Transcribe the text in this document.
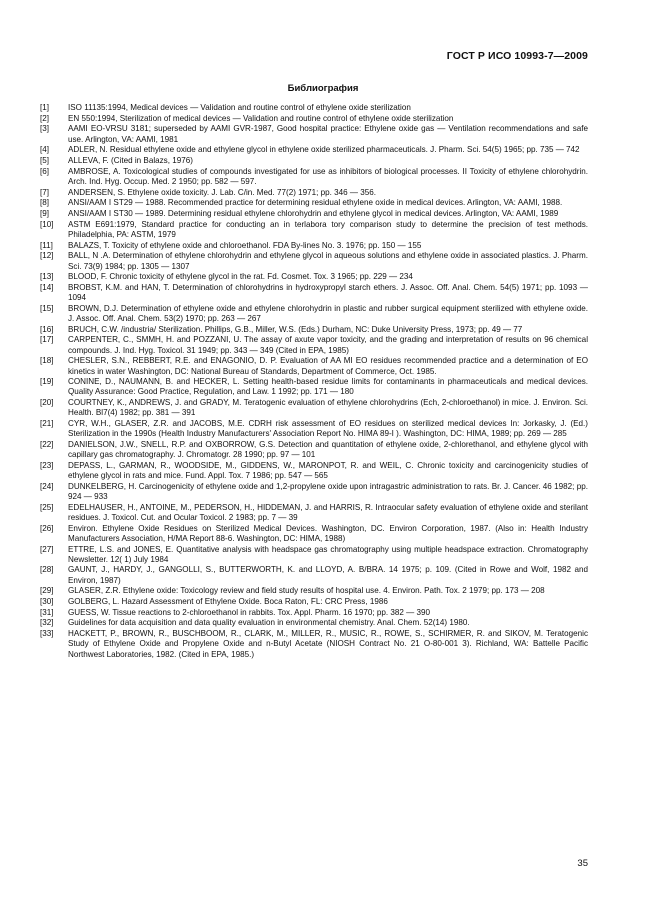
ГОСТ Р ИСО 10993-7—2009
Библиография
[1]	ISO 11135:1994, Medical devices — Validation and routine control of ethylene oxide sterilization
[2]	EN 550:1994, Sterilization of medical devices — Validation and routine control of ethylene oxide sterilization
[3]	AAMI EO-VRSU 3181; superseded by AAMI GVR-1987, Good hospital practice: Ethylene oxide gas — Ventilation recommendations and safe use. Arlington, VA: AAMI, 1981
[4]	ADLER, N. Residual ethylene oxide and ethylene glycol in ethylene oxide sterilized pharmaceuticals. J. Pharm. Sci. 54(5) 1965; pp. 735 — 742
[5]	ALLEVA, F. (Cited in Balazs, 1976)
[6]	AMBROSE, A. Toxicological studies of compounds investigated for use as inhibitors of biological processes. II Toxicity of ethylene chlorohydrin. Arch. Ind. Hyg. Occup. Med. 2 1950; pp. 582 — 597.
[7]	ANDERSEN, S. Ethylene oxide toxicity. J. Lab. C/in. Med. 77(2) 1971; pp. 346 — 356.
[8]	ANSI/AAM I ST29 — 1988. Recommended practice for determining residual ethylene oxide in medical devices. Arlington, VA: AAMI, 1988.
[9]	ANSI/AAM I ST30 — 1989. Determining residual ethylene chlorohydrin and ethylene glycol in medical devices. Arlington, VA: AAMI, 1989
[10]	ASTM E691:1979, Standard practice for conducting an in terlabora tory comparison study to determine the precision of test methods. Philadelphia, PA: ASTM, 1979
[11]	BALAZS, T. Toxicity of ethylene oxide and chloroethanol. FDA By-lines No. 3. 1976; pp. 150 — 155
[12]	BALL, N .A. Determination of ethylene chlorohydrin and ethylene glycol in aqueous solutions and ethylene oxide in associated plastics. J. Pharm. Sci. 73(9) 1984; pp. 1305 — 1307
[13]	BLOOD, F. Chronic toxicity of ethylene glycol in the rat. Fd. Cosmet. Tox. 3 1965; pp. 229 — 234
[14]	BROBST, K.M. and HAN, T. Determination of chlorohydrins in hydroxypropyl starch ethers. J. Assoc. Off. Anal. Chem. 54(5) 1971; pp. 1093 — 1094
[15]	BROWN, D.J. Determination of ethylene oxide and ethylene chlorohydrin in plastic and rubber surgical equipment sterilized with ethylene oxide. J. Assoc. Off. Anal. Chem. 53(2) 1970; pp. 263 — 267
[16]	BRUCH, C.W. /industria/ Sterilization. Phillips, G.B., Miller, W.S. (Eds.) Durham, NC: Duke University Press, 1973; pp. 49 — 77
[17]	CARPENTER, C., SMMH, H. and POZZANI, U. The assay of axute vapor toxicity, and the grading and interpretation of results on 96 chemical compounds. J. Ind. Hyg. Toxicol. 31 1949; pp. 343 — 349 (Cited in EPA, 1985)
[18]	CHESLER, S.N., REBBERT, R.E. and ENAGONIO, D. P. Evaluation of AA MI EO residues recommended practice and a determination of EO kinetics in water Washington, DC: National Bureau of Standards, Department of Commerce, Oct. 1985.
[19]	CONINE, D., NAUMANN, B. and HECKER, L. Setting health-based residue limits for contaminants in pharmaceuticals and medical devices. Quality Assurance: Good Practice, Regulation, and Law. 1 1992; pp. 171 — 180
[20]	COURTNEY, K., ANDREWS, J. and GRADY, M. Teratogenic evaluation of ethylene chlorohydrins (Ech, 2-chloroethanol) in mice. J. Environ. Sci. Health. Bl7(4) 1982; pp. 381 — 391
[21]	CYR, W.H., GLASER, Z.R. and JACOBS, M.E. CDRH risk assessment of EO residues on sterilized medical devices In: Jorkasky, J. (Ed.) Sterilization in the 1990s (Health Industry Manufacturers' Association Report No. HIMA 89-I ). Washington, DC: HIMA, 1989; pp. 269 — 285
[22]	DANIELSON, J.W., SNELL, R.P. and OXBORROW, G.S. Detection and quantitation of ethylene oxide, 2-chlorethanol, and ethylene glycol with capillary gas chromatography. J. Chromatogr. 28 1990; pp. 97 — 101
[23]	DEPASS, L., GARMAN, R., WOODSIDE, M., GIDDENS, W., MARONPOT, R. and WEIL, C. Chronic toxicity and carcinogenicity studies of ethylene glycol in rats and mice. Fund. Appl. Tox. 7 1986; pp. 547 — 565
[24]	DUNKELBERG, H. Carcinogenicity of ethylene oxide and 1,2-propylene oxide upon intragastric administration to rats. Br. J. Cancer. 46 1982; pp. 924 — 933
[25]	EDELHAUSER, H., ANTOINE, M., PEDERSON, H., HIDDEMAN, J. and HARRIS, R. Intraocular safety evaluation of ethylene oxide and sterilant residues. J. Toxicol. Cut. and Ocular Toxicol. 2 1983; pp. 7 — 39
[26]	Environ. Ethylene Oxide Residues on Sterilized Medical Devices. Washington, DC. Environ Corporation, 1987. (Also in: Health Industry Manufacturers Association, H/MA Report 88-6. Washington, DC: HIMA, 1988)
[27]	ETTRE, L.S. and JONES, E. Quantitative analysis with headspace gas chromatography using multiple headspace extraction. Chromatography Newsletter. 12( 1) July 1984
[28]	GAUNT, J., HARDY, J., GANGOLLI, S., BUTTERWORTH, K. and LLOYD, A. B/BRA. 14 1975; p. 109. (Cited in Rowe and Wolf, 1982 and Environ, 1987)
[29]	GLASER, Z.R. Ethylene oxide: Toxicology review and field study results of hospital use. 4. Environ. Path. Tox. 2 1979; pp. 173 — 208
[30]	GOLBERG, L. Hazard Assessment of Ethylene Oxide. Boca Raton, FL: CRC Press, 1986
[31]	GUESS, W. Tissue reactions to 2-chloroethanol in rabbits. Tox. Appl. Pharm. 16 1970; pp. 382 — 390
[32]	Guidelines for data acquisition and data quality evaluation in environmental chemistry. Anal. Chem. 52(14) 1980.
[33]	HACKETT, P., BROWN, R., BUSCHBOOM, R., CLARK, M., MILLER, R., MUSIC, R., ROWE, S., SCHIRMER, R. and SIKOV, M. Teratogenic Study of Ethylene Oxide and Propylene Oxide and n-Butyl Acetate (NIOSH Contract No. 21 O-80-001 3). Richland, WA: Battelle Pacific Northwest Laboratories, 1982. (Cited in EPA, 1985.)
35
